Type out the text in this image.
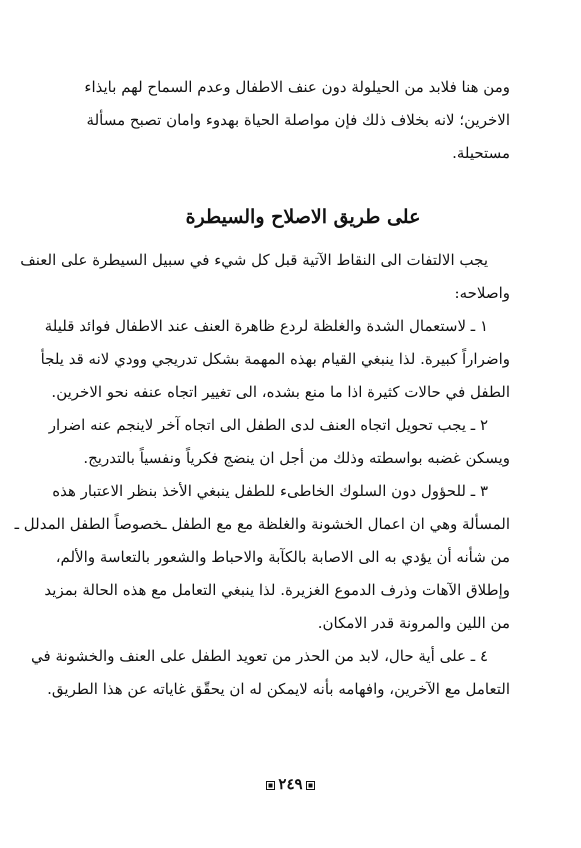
ومن هنا فلابد من الحيلولة دون عنف الاطفال وعدم السماح لهم بايذاء
الاخرين؛ لانه بخلاف ذلك فإن مواصلة الحياة بهدوء وامان تصبح مسألة
مستحيلة.
على طريق الاصلاح والسيطرة
يجب الالتفات الى النقاط الآتية قبل كل شيء في سبيل السيطرة على العنف
واصلاحه:
١ ـ لاستعمال الشدة والغلظة لردع ظاهرة العنف عند الاطفال فوائد قليلة
واضراراً كبيرة. لذا ينبغي القيام بهذه المهمة بشكل تدريجي وودي لانه قد يلجأ
الطفل في حالات كثيرة اذا ما منع بشده، الى تغيير اتجاه عنفه نحو الاخرين.
٢ ـ يجب تحويل اتجاه العنف لدى الطفل الى اتجاه آخر لاينجم عنه اضرار
ويسكن غضبه بواسطته وذلك من أجل ان ينضج فكرياً ونفسياً بالتدريج.
٣ ـ للحؤول دون السلوك الخاطىء للطفل ينبغي الأخذ بنظر الاعتبار هذه
المسألة وهي ان اعمال الخشونة والغلظة مع مع الطفل ـخصوصاً الطفل المدلل ـ
من شأنه أن يؤدي به الى الاصابة بالكآبة والاحباط والشعور بالتعاسة والألم،
وإطلاق الآهات وذرف الدموع الغزيرة. لذا ينبغي التعامل مع هذه الحالة بمزيد
من اللين والمرونة قدر الامكان.
٤ ـ على أية حال، لابد من الحذر من تعويد الطفل على العنف والخشونة في
التعامل مع الآخرين، وافهامه بأنه لايمكن له ان يحقّق غاياته عن هذا الطريق.
٢٤٩
